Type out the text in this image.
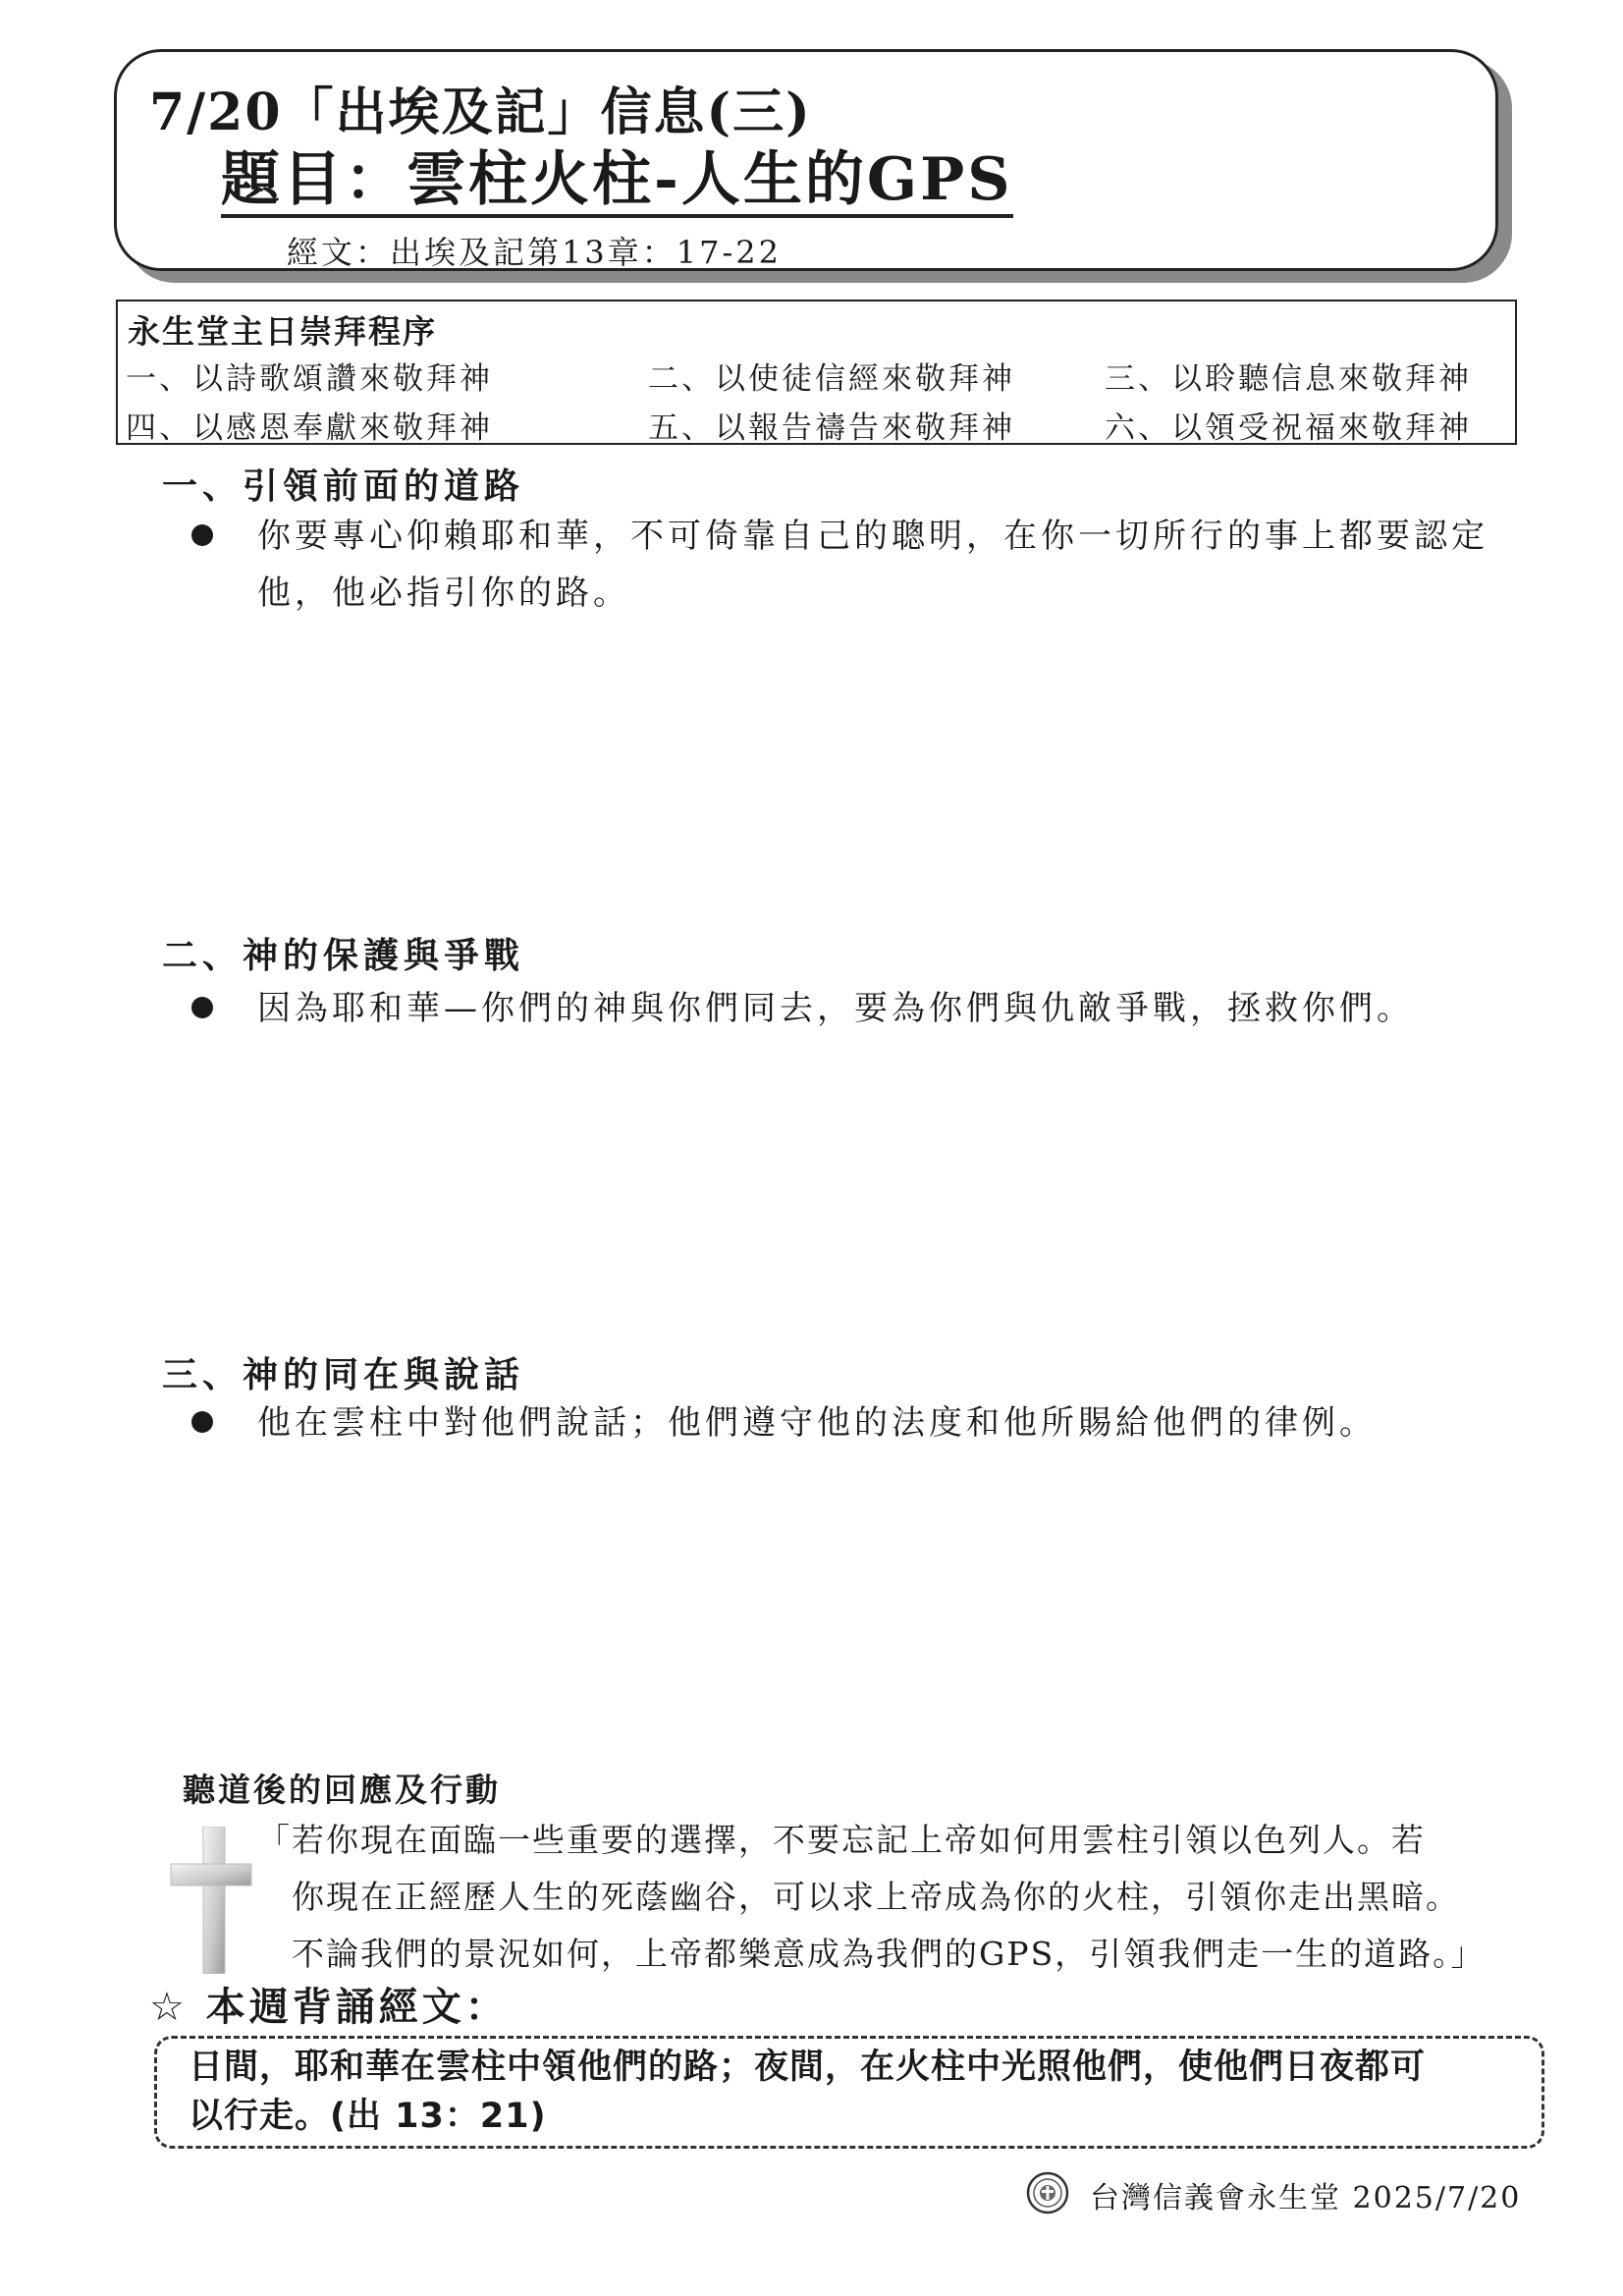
7/20「出埃及記」信息(三)
題目：雲柱火柱-人生的GPS
經文：出埃及記第13章：17-22
永生堂主日崇拜程序
一、以詩歌頌讚來敬拜神	二、以使徒信經來敬拜神	三、以聆聽信息來敬拜神
四、以感恩奉獻來敬拜神	五、以報告禱告來敬拜神	六、以領受祝福來敬拜神
一、引領前面的道路
你要專心仰賴耶和華，不可倚靠自己的聰明，在你一切所行的事上都要認定
他，他必指引你的路。
二、神的保護與爭戰
因為耶和華—你們的神與你們同去，要為你們與仇敵爭戰，拯救你們。
三、神的同在與說話
他在雲柱中對他們說話；他們遵守他的法度和他所賜給他們的律例。
聽道後的回應及行動
「若你現在面臨一些重要的選擇，不要忘記上帝如何用雲柱引領以色列人。若
　你現在正經歷人生的死蔭幽谷，可以求上帝成為你的火柱，引領你走出黑暗。
　不論我們的景況如何，上帝都樂意成為我們的GPS，引領我們走一生的道路。」
☆ 本週背誦經文：
日間，耶和華在雲柱中領他們的路；夜間，在火柱中光照他們，使他們日夜都可
以行走。(出 13：21)
台灣信義會永生堂 2025/7/20
